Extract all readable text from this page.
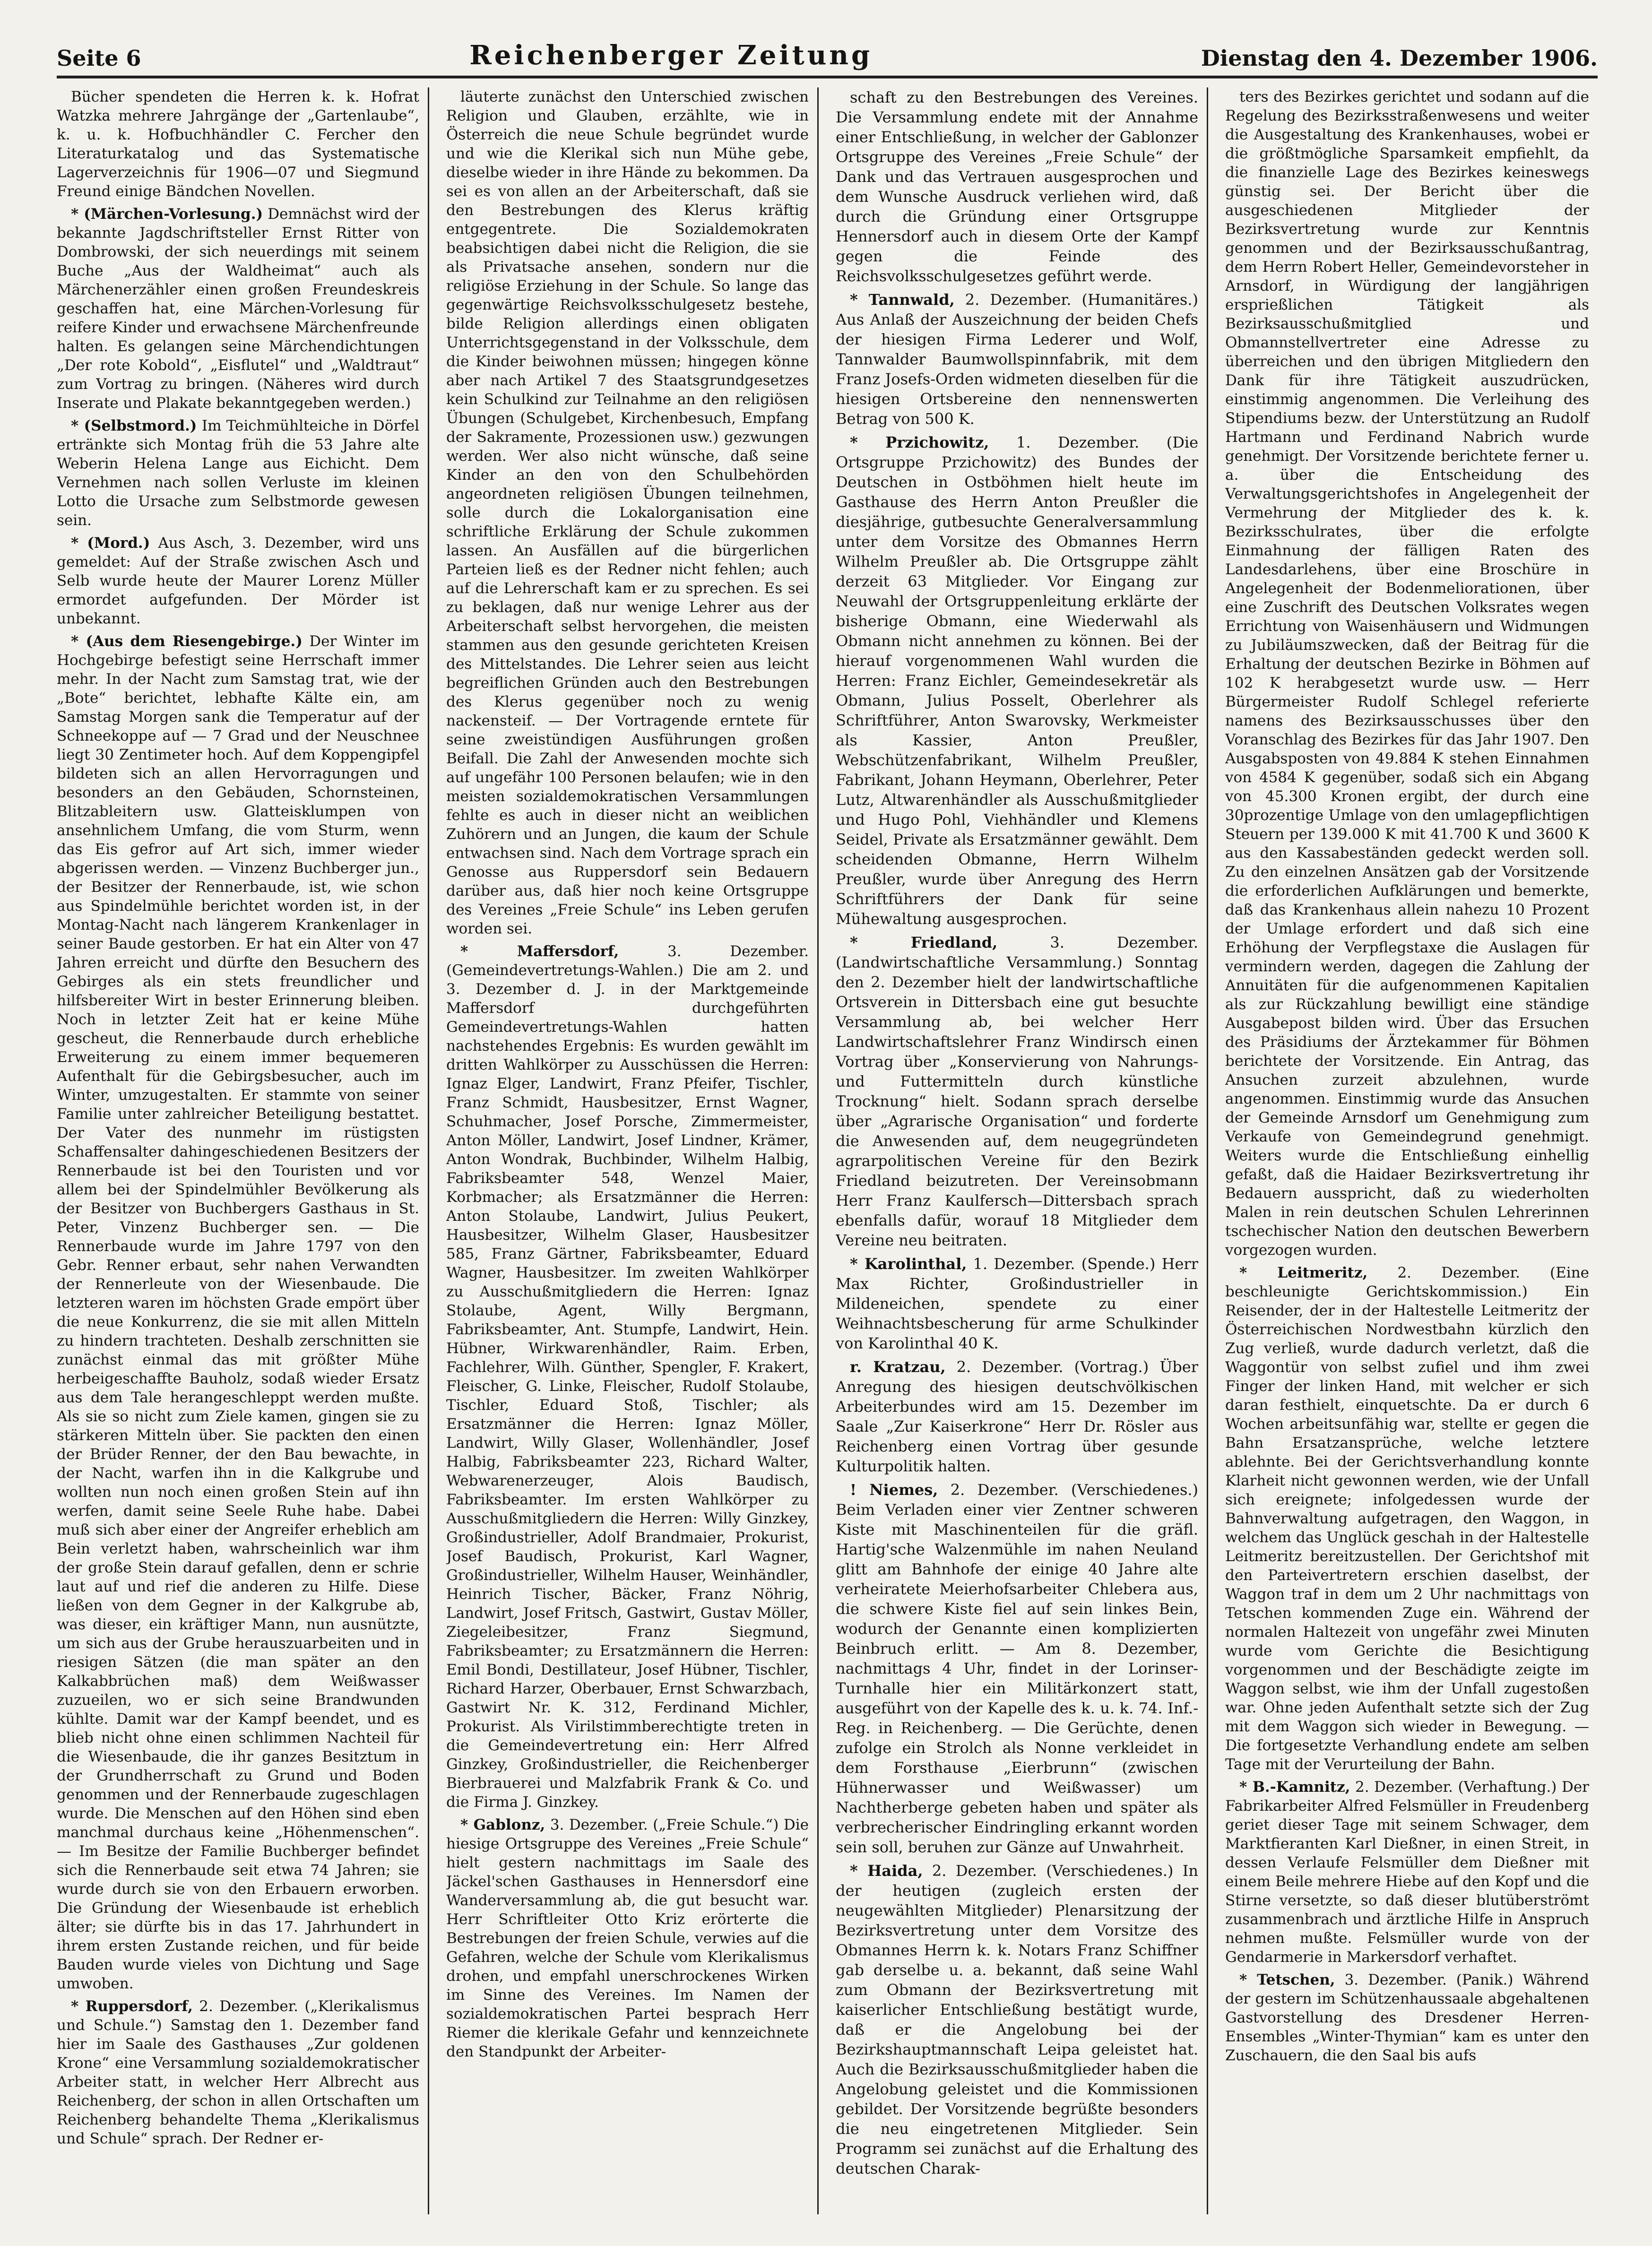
Seite 6	Reichenberger Zeitung	Dienstag den 4. Dezember 1906.

Bücher spendeten die Herren k. k. Hofrat Watzka mehrere Jahrgänge der „Gartenlaube“, k. u. k. Hofbuchhändler C. Fercher den Literaturkatalog und das Systematische Lagerverzeichnis für 1906—07 und Siegmund Freund einige Bändchen Novellen.

* (Märchen-Vorlesung.) Demnächst wird der bekannte Jagdschriftsteller Ernst Ritter von Dombrowski, der sich neuerdings mit seinem Buche „Aus der Waldheimat“ auch als Märchenerzähler einen großen Freundeskreis geschaffen hat, eine Märchen-Vorlesung für reifere Kinder und erwachsene Märchenfreunde halten. Es gelangen seine Märchendichtungen „Der rote Kobold“, „Eisflutel“ und „Waldtraut“ zum Vortrag zu bringen. (Näheres wird durch Inserate und Plakate bekanntgegeben werden.)

* (Selbstmord.) Im Teichmühlteiche in Dörfel ertränkte sich Montag früh die 53 Jahre alte Weberin Helena Lange aus Eichicht. Dem Vernehmen nach sollen Verluste im kleinen Lotto die Ursache zum Selbstmorde gewesen sein.

* (Mord.) Aus Asch, 3. Dezember, wird uns gemeldet: Auf der Straße zwischen Asch und Selb wurde heute der Maurer Lorenz Müller ermordet aufgefunden. Der Mörder ist unbekannt.

* (Aus dem Riesengebirge.) Der Winter im Hochgebirge befestigt seine Herrschaft immer mehr. In der Nacht zum Samstag trat, wie der „Bote“ berichtet, lebhafte Kälte ein, am Samstag Morgen sank die Temperatur auf der Schneekoppe auf — 7 Grad und der Neuschnee liegt 30 Zentimeter hoch. Auf dem Koppengipfel bildeten sich an allen Hervorragungen und besonders an den Gebäuden, Schornsteinen, Blitzableitern usw. Glatteisklumpen von ansehnlichem Umfang, die vom Sturm, wenn das Eis gefror auf Art sich, immer wieder abgerissen werden. — Vinzenz Buchberger jun., der Besitzer der Rennerbaude, ist, wie schon aus Spindelmühle berichtet worden ist, in der Montag-Nacht nach längerem Krankenlager in seiner Baude gestorben. Er hat ein Alter von 47 Jahren erreicht und dürfte den Besuchern des Gebirges als ein stets freundlicher und hilfsbereiter Wirt in bester Erinnerung bleiben. Noch in letzter Zeit hat er keine Mühe gescheut, die Rennerbaude durch erhebliche Erweiterung zu einem immer bequemeren Aufenthalt für die Gebirgsbesucher, auch im Winter, umzugestalten. Er stammte von seiner Familie unter zahlreicher Beteiligung bestattet. Der Vater des nunmehr im rüstigsten Schaffensalter dahingeschiedenen Besitzers der Rennerbaude ist bei den Touristen und vor allem bei der Spindelmühler Bevölkerung als der Besitzer von Buchbergers Gasthaus in St. Peter, Vinzenz Buchberger sen. — Die Rennerbaude wurde im Jahre 1797 von den Gebr. Renner erbaut, sehr nahen Verwandten der Rennerleute von der Wiesenbaude. Die letzteren waren im höchsten Grade empört über die neue Konkurrenz, die sie mit allen Mitteln zu hindern trachteten. Deshalb zerschnitten sie zunächst einmal das mit größter Mühe herbeigeschaffte Bauholz, sodaß wieder Ersatz aus dem Tale herangeschleppt werden mußte. Als sie so nicht zum Ziele kamen, gingen sie zu stärkeren Mitteln über. Sie packten den einen der Brüder Renner, der den Bau bewachte, in der Nacht, warfen ihn in die Kalkgrube und wollten nun noch einen großen Stein auf ihn werfen, damit seine Seele Ruhe habe. Dabei muß sich aber einer der Angreifer erheblich am Bein verletzt haben, wahrscheinlich war ihm der große Stein darauf gefallen, denn er schrie laut auf und rief die anderen zu Hilfe. Diese ließen von dem Gegner in der Kalkgrube ab, was dieser, ein kräftiger Mann, nun ausnützte, um sich aus der Grube herauszuarbeiten und in riesigen Sätzen (die man später an den Kalkabbrüchen maß) dem Weißwasser zuzueilen, wo er sich seine Brandwunden kühlte. Damit war der Kampf beendet, und es blieb nicht ohne einen schlimmen Nachteil für die Wiesenbaude, die ihr ganzes Besitztum in der Grundherrschaft zu Grund und Boden genommen und der Rennerbaude zugeschlagen wurde. Die Menschen auf den Höhen sind eben manchmal durchaus keine „Höhenmenschen“. — Im Besitze der Familie Buchberger befindet sich die Rennerbaude seit etwa 74 Jahren; sie wurde durch sie von den Erbauern erworben. Die Gründung der Wiesenbaude ist erheblich älter; sie dürfte bis in das 17. Jahrhundert in ihrem ersten Zustande reichen, und für beide Bauden wurde vieles von Dichtung und Sage umwoben.

* Ruppersdorf, 2. Dezember. („Klerikalismus und Schule.“) Samstag den 1. Dezember fand hier im Saale des Gasthauses „Zur goldenen Krone“ eine Versammlung sozialdemokratischer Arbeiter statt, in welcher Herr Albrecht aus Reichenberg, der schon in allen Ortschaften um Reichenberg behandelte Thema „Klerikalismus und Schule“ sprach. Der Redner er-

läuterte zunächst den Unterschied zwischen Religion und Glauben, erzählte, wie in Österreich die neue Schule begründet wurde und wie die Klerikal sich nun Mühe gebe, dieselbe wieder in ihre Hände zu bekommen. Da sei es von allen an der Arbeiterschaft, daß sie den Bestrebungen des Klerus kräftig entgegentrete. Die Sozialdemokraten beabsichtigen dabei nicht die Religion, die sie als Privatsache ansehen, sondern nur die religiöse Erziehung in der Schule. So lange das gegenwärtige Reichsvolksschulgesetz bestehe, bilde Religion allerdings einen obligaten Unterrichtsgegenstand in der Volksschule, dem die Kinder beiwohnen müssen; hingegen könne aber nach Artikel 7 des Staatsgrundgesetzes kein Schulkind zur Teilnahme an den religiösen Übungen (Schulgebet, Kirchenbesuch, Empfang der Sakramente, Prozessionen usw.) gezwungen werden. Wer also nicht wünsche, daß seine Kinder an den von den Schulbehörden angeordneten religiösen Übungen teilnehmen, solle durch die Lokalorganisation eine schriftliche Erklärung der Schule zukommen lassen. An Ausfällen auf die bürgerlichen Parteien ließ es der Redner nicht fehlen; auch auf die Lehrerschaft kam er zu sprechen. Es sei zu beklagen, daß nur wenige Lehrer aus der Arbeiterschaft selbst hervorgehen, die meisten stammen aus den gesunde gerichteten Kreisen des Mittelstandes. Die Lehrer seien aus leicht begreiflichen Gründen auch den Bestrebungen des Klerus gegenüber noch zu wenig nackensteif. — Der Vortragende erntete für seine zweistündigen Ausführungen großen Beifall. Die Zahl der Anwesenden mochte sich auf ungefähr 100 Personen belaufen; wie in den meisten sozialdemokratischen Versammlungen fehlte es auch in dieser nicht an weiblichen Zuhörern und an Jungen, die kaum der Schule entwachsen sind. Nach dem Vortrage sprach ein Genosse aus Ruppersdorf sein Bedauern darüber aus, daß hier noch keine Ortsgruppe des Vereines „Freie Schule“ ins Leben gerufen worden sei.

* Maffersdorf,	3. Dezember. (Gemeindevertretungs-Wahlen.) Die am 2. und 3. Dezember d. J. in der Marktgemeinde Maffersdorf durchgeführten Gemeindevertretungs-Wahlen hatten nachstehendes Ergebnis: Es wurden gewählt im dritten Wahlkörper zu Ausschüssen die Herren: Ignaz Elger, Landwirt, Franz Pfeifer, Tischler, Franz Schmidt, Hausbesitzer, Ernst Wagner, Schuhmacher, Josef Porsche, Zimmermeister, Anton Möller, Landwirt, Josef Lindner, Krämer, Anton Wondrak, Buchbinder, Wilhelm Halbig, Fabriksbeamter 548, Wenzel Maier, Korbmacher; als Ersatzmänner die Herren: Anton Stolaube, Landwirt, Julius Peukert, Hausbesitzer, Wilhelm Glaser, Hausbesitzer 585, Franz Gärtner, Fabriksbeamter, Eduard Wagner, Hausbesitzer. Im zweiten Wahlkörper zu Ausschußmitgliedern die Herren: Ignaz Stolaube, Agent, Willy Bergmann, Fabriksbeamter, Ant. Stumpfe, Landwirt, Hein. Hübner, Wirkwarenhändler, Raim. Erben, Fachlehrer, Wilh. Günther, Spengler, F. Krakert, Fleischer, G. Linke, Fleischer, Rudolf Stolaube, Tischler, Eduard Stoß, Tischler; als Ersatzmänner die Herren: Ignaz Möller, Landwirt, Willy Glaser, Wollenhändler, Josef Halbig, Fabriksbeamter 223, Richard Walter, Webwarenerzeuger, Alois Baudisch, Fabriksbeamter. Im ersten Wahlkörper zu Ausschußmitgliedern die Herren: Willy Ginzkey, Großindustrieller, Adolf Brandmaier, Prokurist, Josef Baudisch, Prokurist, Karl Wagner, Großindustrieller, Wilhelm Hauser, Weinhändler, Heinrich Tischer, Bäcker, Franz Nöhrig, Landwirt, Josef Fritsch, Gastwirt, Gustav Möller, Ziegeleibesitzer, Franz Siegmund, Fabriksbeamter; zu Ersatzmännern die Herren: Emil Bondi, Destillateur, Josef Hübner, Tischler, Richard Harzer, Oberbauer, Ernst Schwarzbach, Gastwirt Nr. K. 312, Ferdinand Michler, Prokurist. Als Virilstimmberechtigte treten in die Gemeindevertretung ein: Herr Alfred Ginzkey, Großindustrieller, die Reichenberger Bierbrauerei und Malzfabrik Frank & Co. und die Firma J. Ginzkey.

* Gablonz, 3. Dezember. („Freie Schule.“) Die hiesige Ortsgruppe des Vereines „Freie Schule“ hielt gestern nachmittags im Saale des Jäckel'schen Gasthauses in Hennersdorf eine Wanderversammlung ab, die gut besucht war. Herr Schriftleiter Otto Kriz erörterte die Bestrebungen der freien Schule, verwies auf die Gefahren, welche der Schule vom Klerikalismus drohen, und empfahl unerschrockenes Wirken im Sinne des Vereines. Im Namen der sozialdemokratischen Partei besprach Herr Riemer die klerikale Gefahr und kennzeichnete den Standpunkt der Arbeiter-

schaft zu den Bestrebungen des Vereines. Die Versammlung endete mit der Annahme einer Entschließung, in welcher der Gablonzer Ortsgruppe des Vereines „Freie Schule“ der Dank und das Vertrauen ausgesprochen und dem Wunsche Ausdruck verliehen wird, daß durch die Gründung einer Ortsgruppe Hennersdorf auch in diesem Orte der Kampf gegen die Feinde des Reichsvolksschulgesetzes geführt werde.

* Tannwald, 2. Dezember. (Humanitäres.) Aus Anlaß der Auszeichnung der beiden Chefs der hiesigen Firma Lederer und Wolf, Tannwalder Baumwollspinnfabrik, mit dem Franz Josefs-Orden widmeten dieselben für die hiesigen Ortsbereine den nennenswerten Betrag von 500 K.

* Przichowitz, 1. Dezember. (Die Ortsgruppe Przichowitz) des Bundes der Deutschen in Ostböhmen hielt heute im Gasthause des Herrn Anton Preußler die diesjährige, gutbesuchte Generalversammlung unter dem Vorsitze des Obmannes Herrn Wilhelm Preußler ab. Die Ortsgruppe zählt derzeit 63 Mitglieder. Vor Eingang zur Neuwahl der Ortsgruppenleitung erklärte der bisherige Obmann, eine Wiederwahl als Obmann nicht annehmen zu können. Bei der hierauf vorgenommenen Wahl wurden die Herren: Franz Eichler, Gemeindesekretär als Obmann, Julius Posselt, Oberlehrer als Schriftführer, Anton Swarovsky, Werkmeister als Kassier, Anton Preußler, Webschützenfabrikant, Wilhelm Preußler, Fabrikant, Johann Heymann, Oberlehrer, Peter Lutz, Altwarenhändler als Ausschußmitglieder und Hugo Pohl, Viehhändler und Klemens Seidel, Private als Ersatzmänner gewählt. Dem scheidenden Obmanne, Herrn Wilhelm Preußler, wurde über Anregung des Herrn Schriftführers der Dank für seine Mühewaltung ausgesprochen.

* Friedland,	3. Dezember. (Landwirtschaftliche Versammlung.) Sonntag den 2. Dezember hielt der landwirtschaftliche Ortsverein in Dittersbach eine gut besuchte Versammlung ab, bei welcher Herr Landwirtschaftslehrer Franz Windirsch einen Vortrag über „Konservierung von Nahrungs- und Futtermitteln durch künstliche Trocknung“ hielt. Sodann sprach derselbe über „Agrarische Organisation“ und forderte die Anwesenden auf, dem neugegründeten agrarpolitischen Vereine für den Bezirk Friedland beizutreten. Der Vereinsobmann Herr Franz Kaulfersch—Dittersbach sprach ebenfalls dafür, worauf 18 Mitglieder dem Vereine neu beitraten.

* Karolinthal, 1. Dezember. (Spende.) Herr Max Richter, Großindustrieller in Mildeneichen, spendete zu einer Weihnachtsbescherung für arme Schulkinder von Karolinthal 40 K.

r. Kratzau, 2. Dezember. (Vortrag.) Über Anregung des hiesigen deutschvölkischen Arbeiterbundes wird am 15. Dezember im Saale „Zur Kaiserkrone“ Herr Dr. Rösler aus Reichenberg einen Vortrag über gesunde Kulturpolitik halten.

! Niemes, 2. Dezember. (Verschiedenes.) Beim Verladen einer vier Zentner schweren Kiste mit Maschinenteilen für die gräfl. Hartig'sche Walzenmühle im nahen Neuland glitt am Bahnhofe der einige 40 Jahre alte verheiratete Meierhofsarbeiter Chlebera aus, die schwere Kiste fiel auf sein linkes Bein, wodurch der Genannte einen komplizierten Beinbruch erlitt. — Am 8. Dezember, nachmittags 4 Uhr, findet in der Lorinser-Turnhalle hier ein Militärkonzert statt, ausgeführt von der Kapelle des k. u. k. 74. Inf.-Reg. in Reichenberg. — Die Gerüchte, denen zufolge ein Strolch als Nonne verkleidet in dem Forsthause „Eierbrunn“ (zwischen Hühnerwasser und Weißwasser) um Nachtherberge gebeten haben und später als verbrecherischer Eindringling erkannt worden sein soll, beruhen zur Gänze auf Unwahrheit.

* Haida, 2. Dezember. (Verschiedenes.) In der heutigen (zugleich ersten der neugewählten Mitglieder) Plenarsitzung der Bezirksvertretung unter dem Vorsitze des Obmannes Herrn k. k. Notars Franz Schiffner gab derselbe u. a. bekannt, daß seine Wahl zum Obmann der Bezirksvertretung mit kaiserlicher Entschließung bestätigt wurde, daß er die Angelobung bei der Bezirkshauptmannschaft Leipa geleistet hat. Auch die Bezirksausschußmitglieder haben die Angelobung geleistet und die Kommissionen gebildet. Der Vorsitzende begrüßte besonders die neu eingetretenen Mitglieder. Sein Programm sei zunächst auf die Erhaltung des deutschen Charak-

ters des Bezirkes gerichtet und sodann auf die Regelung des Bezirksstraßenwesens und weiter die Ausgestaltung des Krankenhauses, wobei er die größtmögliche Sparsamkeit empfiehlt, da die finanzielle Lage des Bezirkes keineswegs günstig sei. Der Bericht über die ausgeschiedenen Mitglieder der Bezirksvertretung wurde zur Kenntnis genommen und der Bezirksausschußantrag, dem Herrn Robert Heller, Gemeindevorsteher in Arnsdorf, in Würdigung der langjährigen ersprießlichen Tätigkeit als Bezirksausschußmitglied und Obmannstellvertreter eine Adresse zu überreichen und den übrigen Mitgliedern den Dank für ihre Tätigkeit auszudrücken, einstimmig angenommen. Die Verleihung des Stipendiums bezw. der Unterstützung an Rudolf Hartmann und Ferdinand Nabrich wurde genehmigt. Der Vorsitzende berichtete ferner u. a. über die Entscheidung des Verwaltungsgerichtshofes in Angelegenheit der Vermehrung der Mitglieder des k. k. Bezirksschulrates, über die erfolgte Einmahnung der fälligen Raten des Landesdarlehens, über eine Broschüre in Angelegenheit der Bodenmeliorationen, über eine Zuschrift des Deutschen Volksrates wegen Errichtung von Waisenhäusern und Widmungen zu Jubiläumszwecken, daß der Beitrag für die Erhaltung der deutschen Bezirke in Böhmen auf 102 K herabgesetzt wurde usw. — Herr Bürgermeister Rudolf Schlegel referierte namens des Bezirksausschusses über den Voranschlag des Bezirkes für das Jahr 1907. Den Ausgabsposten von 49.884 K stehen Einnahmen von 4584 K gegenüber, sodaß sich ein Abgang von 45.300 Kronen ergibt, der durch eine 30prozentige Umlage von den umlagepflichtigen Steuern per 139.000 K mit 41.700 K und 3600 K aus den Kassabeständen gedeckt werden soll. Zu den einzelnen Ansätzen gab der Vorsitzende die erforderlichen Aufklärungen und bemerkte, daß das Krankenhaus allein nahezu 10 Prozent der Umlage erfordert und daß sich eine Erhöhung der Verpflegstaxe die Auslagen für vermindern werden, dagegen die Zahlung der Annuitäten für die aufgenommenen Kapitalien als zur Rückzahlung bewilligt eine ständige Ausgabepost bilden wird. Über das Ersuchen des Präsidiums der Ärztekammer für Böhmen berichtete der Vorsitzende. Ein Antrag, das Ansuchen zurzeit abzulehnen, wurde angenommen. Einstimmig wurde das Ansuchen der Gemeinde Arnsdorf um Genehmigung zum Verkaufe von Gemeindegrund genehmigt. Weiters wurde die Entschließung einhellig gefaßt, daß die Haidaer Bezirksvertretung ihr Bedauern ausspricht, daß zu wiederholten Malen in rein deutschen Schulen Lehrerinnen tschechischer Nation den deutschen Bewerbern vorgezogen wurden.

* Leitmeritz, 2. Dezember. (Eine beschleunigte Gerichtskommission.) Ein Reisender, der in der Haltestelle Leitmeritz der Österreichischen Nordwestbahn kürzlich den Zug verließ, wurde dadurch verletzt, daß die Waggontür von selbst zufiel und ihm zwei Finger der linken Hand, mit welcher er sich daran festhielt, einquetschte. Da er durch 6 Wochen arbeitsunfähig war, stellte er gegen die Bahn Ersatzansprüche, welche letztere ablehnte. Bei der Gerichtsverhandlung konnte Klarheit nicht gewonnen werden, wie der Unfall sich ereignete; infolgedessen wurde der Bahnverwaltung aufgetragen, den Waggon, in welchem das Unglück geschah in der Haltestelle Leitmeritz bereitzustellen. Der Gerichtshof mit den Parteivertretern erschien daselbst, der Waggon traf in dem um 2 Uhr nachmittags von Tetschen kommenden Zuge ein. Während der normalen Haltezeit von ungefähr zwei Minuten wurde vom Gerichte die Besichtigung vorgenommen und der Beschädigte zeigte im Waggon selbst, wie ihm der Unfall zugestoßen war. Ohne jeden Aufenthalt setzte sich der Zug mit dem Waggon sich wieder in Bewegung. — Die fortgesetzte Verhandlung endete am selben Tage mit der Verurteilung der Bahn.

* B.-Kamnitz, 2. Dezember. (Verhaftung.) Der Fabrikarbeiter Alfred Felsmüller in Freudenberg geriet dieser Tage mit seinem Schwager, dem Marktfieranten Karl Dießner, in einen Streit, in dessen Verlaufe Felsmüller dem Dießner mit einem Beile mehrere Hiebe auf den Kopf und die Stirne versetzte, so daß dieser blutüberströmt zusammenbrach und ärztliche Hilfe in Anspruch nehmen mußte. Felsmüller wurde von der Gendarmerie in Markersdorf verhaftet.

* Tetschen, 3. Dezember. (Panik.) Während der gestern im Schützenhaussaale abgehaltenen Gastvorstellung des Dresdener Herren-Ensembles „Winter-Thymian“ kam es unter den Zuschauern, die den Saal bis aufs
